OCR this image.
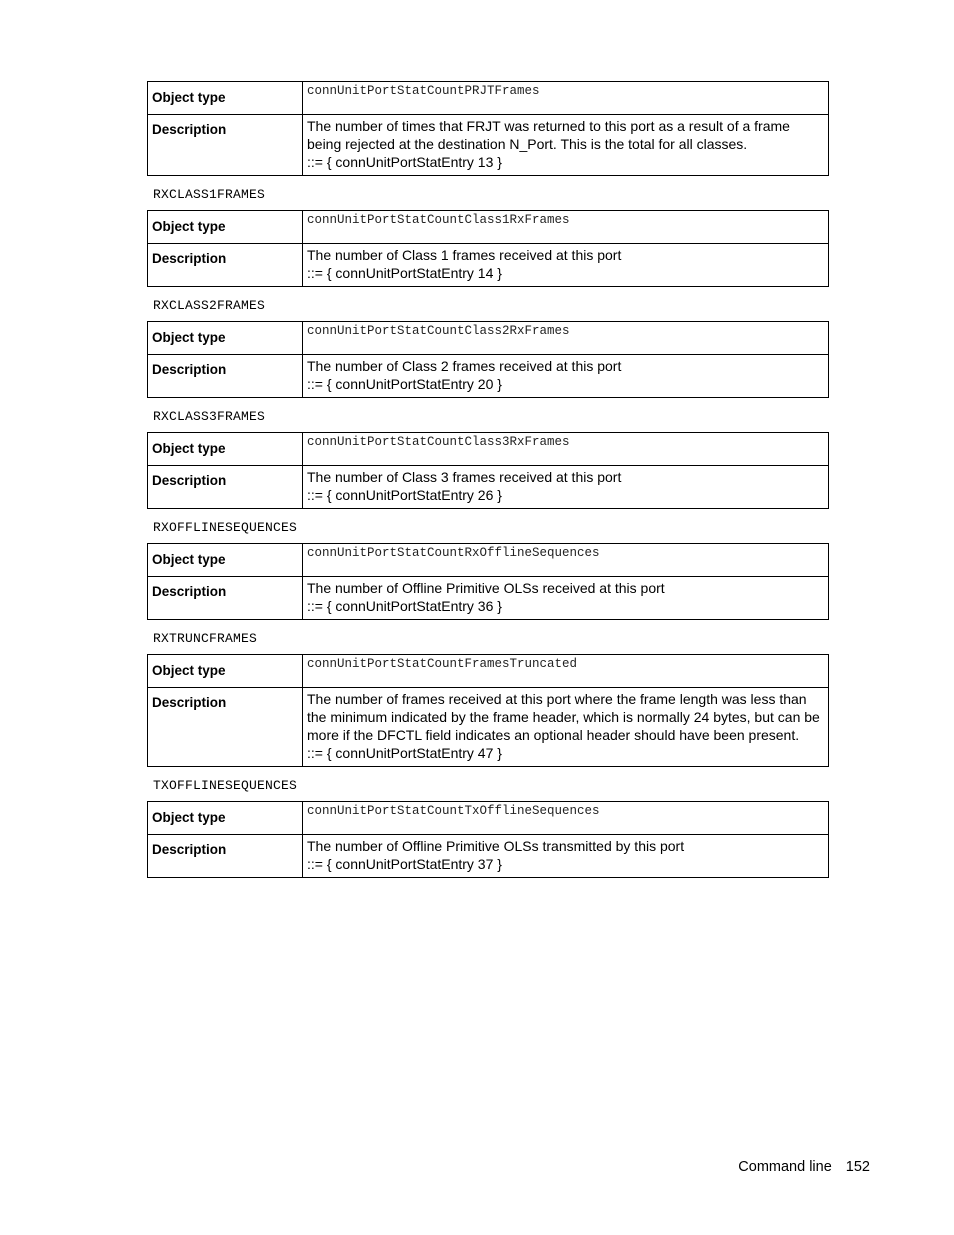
Object type	connUnitPortStatCountPRJTFrames

Description	The number of times that FRJT was returned to this port as a result of a frame being rejected at the destination N_Port. This is the total for all classes.
::= { connUnitPortStatEntry 13 }
RXCLASS1FRAMES
Object type	connUnitPortStatCountClass1RxFrames

Description	The number of Class 1 frames received at this port
::= { connUnitPortStatEntry 14 }
RXCLASS2FRAMES
Object type	connUnitPortStatCountClass2RxFrames

Description	The number of Class 2 frames received at this port
::= { connUnitPortStatEntry 20 }
RXCLASS3FRAMES
Object type	connUnitPortStatCountClass3RxFrames

Description	The number of Class 3 frames received at this port
::= { connUnitPortStatEntry 26 }
RXOFFLINESEQUENCES
Object type	connUnitPortStatCountRxOfflineSequences

Description	The number of Offline Primitive OLSs received at this port
::= { connUnitPortStatEntry 36 }
RXTRUNCFRAMES
Object type	connUnitPortStatCountFramesTruncated

Description	The number of frames received at this port where the frame length was less than the minimum indicated by the frame header, which is normally 24 bytes, but can be more if the DFCTL field indicates an optional header should have been present.
::= { connUnitPortStatEntry 47 }
TXOFFLINESEQUENCES
Object type	connUnitPortStatCountTxOfflineSequences

Description	The number of Offline Primitive OLSs transmitted by this port
::= { connUnitPortStatEntry 37 }
Command line 152
